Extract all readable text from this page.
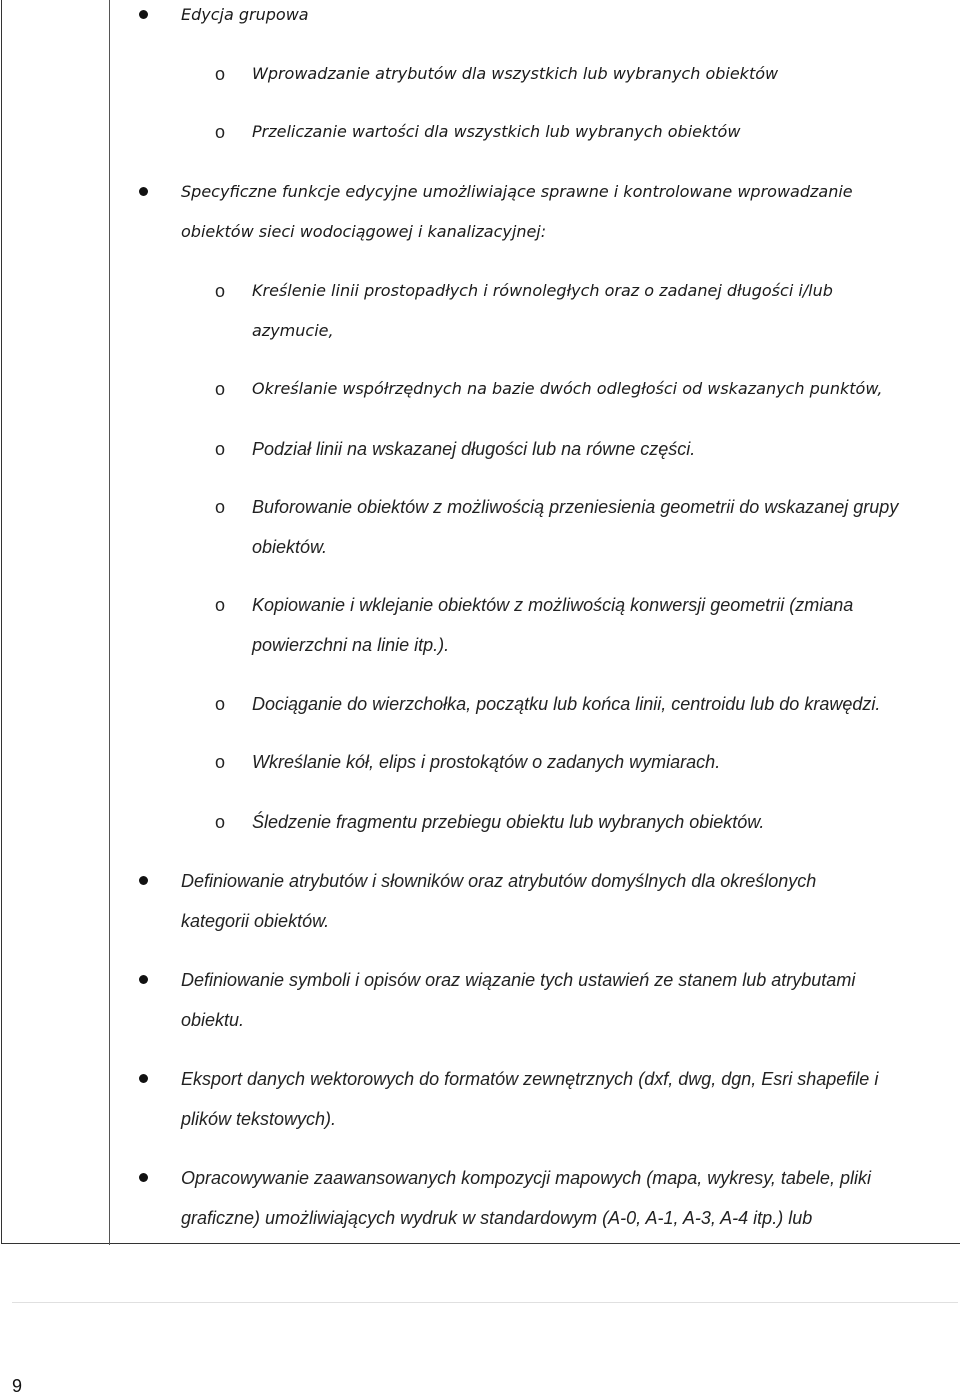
Edycja grupowa
o Wprowadzanie atrybutów dla wszystkich lub wybranych obiektów
o Przeliczanie wartości dla wszystkich lub wybranych obiektów
Specyficzne funkcje edycyjne umożliwiające sprawne i kontrolowane wprowadzanie
obiektów sieci wodociągowej i kanalizacyjnej:
o Kreślenie linii prostopadłych i równoległych oraz o zadanej długości i/lub
azymucie,
o Określanie współrzędnych na bazie dwóch odległości od wskazanych punktów,
o Podział linii na wskazanej długości lub na równe części.
o Buforowanie obiektów z możliwością przeniesienia geometrii do wskazanej grupy
obiektów.
o Kopiowanie i wklejanie obiektów z możliwością konwersji geometrii (zmiana
powierzchni na linie itp.).
o Dociąganie do wierzchołka, początku lub końca linii, centroidu lub do krawędzi.
o Wkreślanie kół, elips i prostokątów o zadanych wymiarach.
o Śledzenie fragmentu przebiegu obiektu lub wybranych obiektów.
Definiowanie atrybutów i słowników oraz atrybutów domyślnych dla określonych
kategorii obiektów.
Definiowanie symboli i opisów oraz wiązanie tych ustawień ze stanem lub atrybutami
obiektu.
Eksport danych wektorowych do formatów zewnętrznych (dxf, dwg, dgn, Esri shapefile i
plików tekstowych).
Opracowywanie zaawansowanych kompozycji mapowych (mapa, wykresy, tabele, pliki
graficzne) umożliwiających wydruk w standardowym (A-0, A-1, A-3, A-4 itp.) lub
9
